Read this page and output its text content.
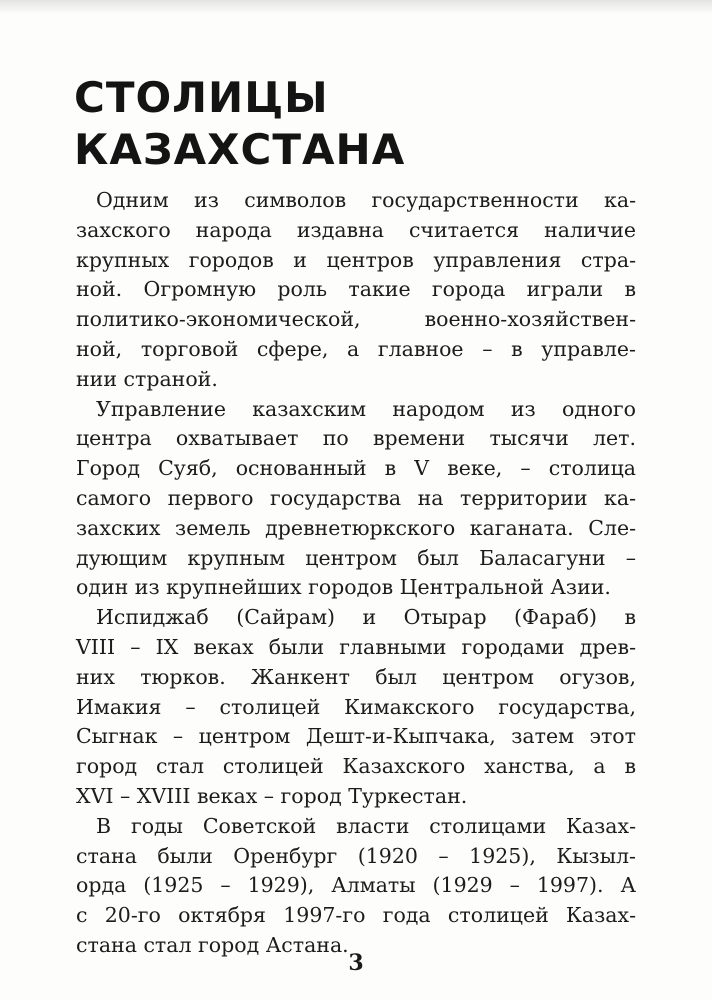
СТОЛИЦЫ
КАЗАХСТАНА
Одним из символов государственности ка-
захского народа издавна считается наличие
крупных городов и центров управления стра-
ной. Огромную роль такие города играли в
политико-экономической, военно-хозяйствен-
ной, торговой сфере, а главное – в управле-
нии страной.
Управление казахским народом из одного
центра охватывает по времени тысячи лет.
Город Суяб, основанный в V веке, – столица
самого первого государства на территории ка-
захских земель древнетюркского каганата. Сле-
дующим крупным центром был Баласагуни –
один из крупнейших городов Центральной Азии.
Испиджаб (Сайрам) и Отырар (Фараб) в
VIII – IX веках были главными городами древ-
них тюрков. Жанкент был центром огузов,
Имакия – столицей Кимакского государства,
Сыгнак – центром Дешт-и-Кыпчака, затем этот
город стал столицей Казахского ханства, а в
XVI – XVIII веках – город Туркестан.
В годы Советской власти столицами Казах-
стана были Оренбург (1920 – 1925), Кызыл-
орда (1925 – 1929), Алматы (1929 – 1997). А
с 20-го октября 1997-го года столицей Казах-
стана стал город Астана.
3
